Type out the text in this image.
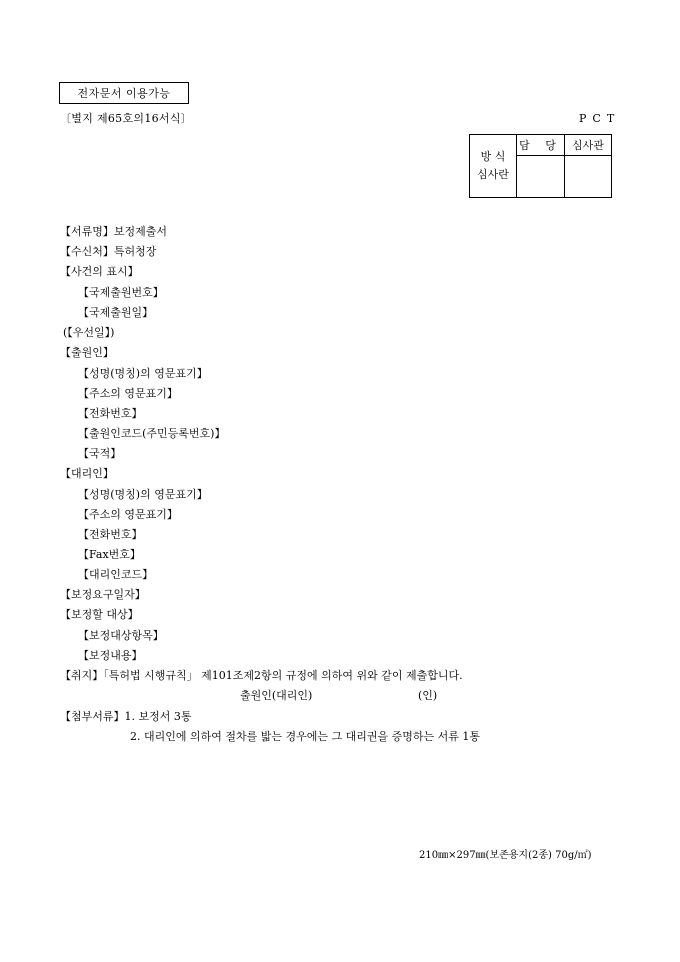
전자문서 이용가능
〔별지 제65호의16서식〕	PCT
방 식
심사란	담 당	심사관

【서류명】보정제출서
【수신처】특허청장
【사건의 표시】
【국제출원번호】
【국제출원일】
(【우선일】)
【출원인】
【성명(명칭)의 영문표기】
【주소의 영문표기】
【전화번호】
【출원인코드(주민등록번호)】
【국적】
【대리인】
【성명(명칭)의 영문표기】
【주소의 영문표기】
【전화번호】
【Fax번호】
【대리인코드】
【보정요구일자】
【보정할 대상】
【보정대상항목】
【보정내용】
【취지】「특허법 시행규칙」 제101조제2항의 규정에 의하여 위와 같이 제출합니다.
출원인(대리인)	(인)
【첨부서류】1. 보정서 3통
2. 대리인에 의하여 절차를 밟는 경우에는 그 대리권을 증명하는 서류 1통
210㎜×297㎜(보존용지(2종) 70g/㎡)
